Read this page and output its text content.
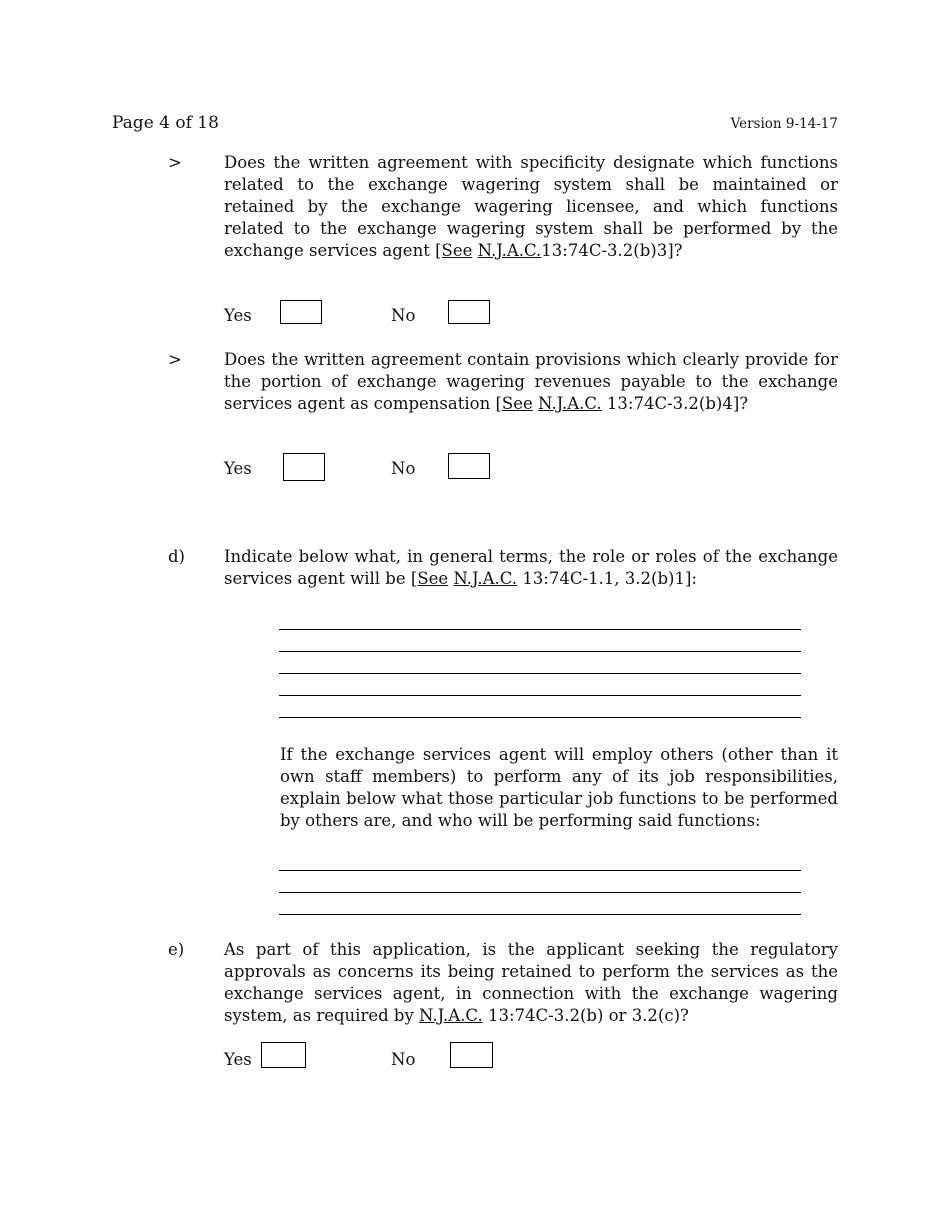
Page 4 of 18	Version 9-14-17
>	Does the written agreement with specificity designate which functions related to the exchange wagering system shall be maintained or retained by the exchange wagering licensee, and which functions related to the exchange wagering system shall be performed by the exchange services agent [See N.J.A.C.13:74C-3.2(b)3]?
Yes	No
>	Does the written agreement contain provisions which clearly provide for the portion of exchange wagering revenues payable to the exchange services agent as compensation [See N.J.A.C. 13:74C-3.2(b)4]?
Yes	No
d) Indicate below what, in general terms, the role or roles of the exchange services agent will be [See N.J.A.C. 13:74C-1.1, 3.2(b)1]:
If the exchange services agent will employ others (other than it own staff members) to perform any of its job responsibilities, explain below what those particular job functions to be performed by others are, and who will be performing said functions:
e) As part of this application, is the applicant seeking the regulatory approvals as concerns its being retained to perform the services as the exchange services agent, in connection with the exchange wagering system, as required by N.J.A.C. 13:74C-3.2(b) or 3.2(c)?
Yes	No
